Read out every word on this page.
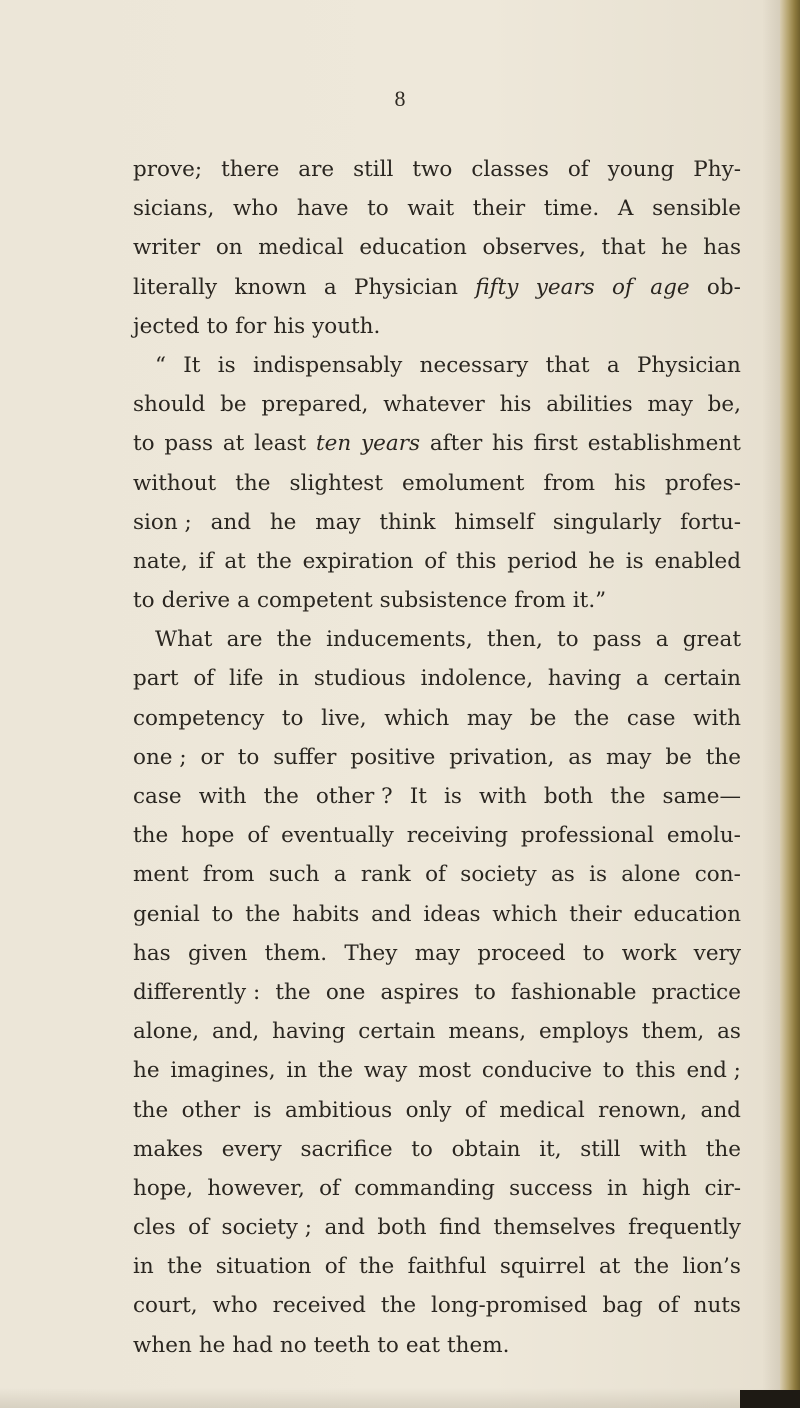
8
prove; there are still two classes of young Phy-
sicians, who have to wait their time. A sensible
writer on medical education observes, that he has
literally known a Physician fifty years of age ob-
jected to for his youth.
“ It is indispensably necessary that a Physician
should be prepared, whatever his abilities may be,
to pass at least ten years after his first establishment
without the slightest emolument from his profes-
sion ; and he may think himself singularly fortu-
nate, if at the expiration of this period he is enabled
to derive a competent subsistence from it.”
What are the inducements, then, to pass a great
part of life in studious indolence, having a certain
competency to live, which may be the case with
one ; or to suffer positive privation, as may be the
case with the other ? It is with both the same—
the hope of eventually receiving professional emolu-
ment from such a rank of society as is alone con-
genial to the habits and ideas which their education
has given them. They may proceed to work very
differently : the one aspires to fashionable practice
alone, and, having certain means, employs them, as
he imagines, in the way most conducive to this end ;
the other is ambitious only of medical renown, and
makes every sacrifice to obtain it, still with the
hope, however, of commanding success in high cir-
cles of society ; and both find themselves frequently
in the situation of the faithful squirrel at the lion’s
court, who received the long-promised bag of nuts
when he had no teeth to eat them.
